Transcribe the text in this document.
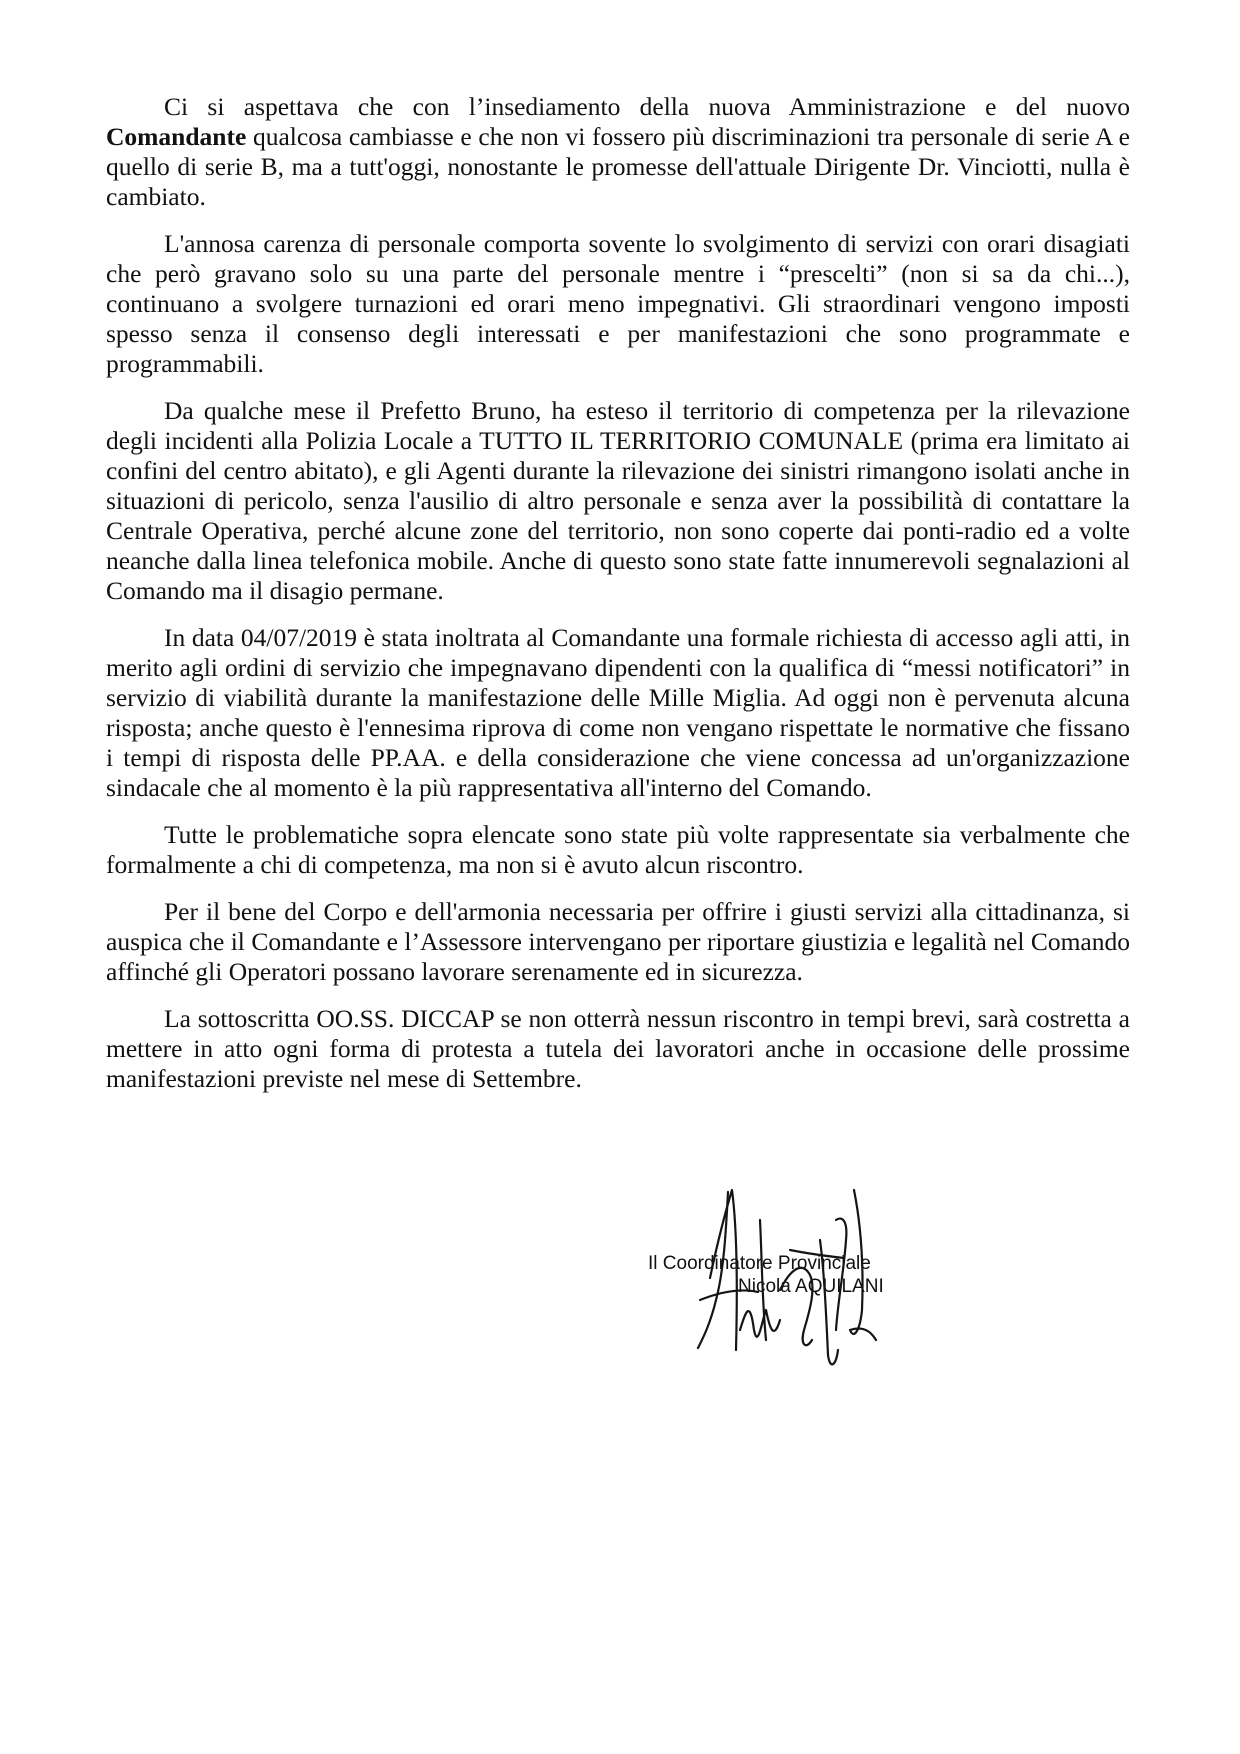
Ci si aspettava che con l’insediamento della nuova Amministrazione e del nuovo Comandante qualcosa cambiasse e che non vi fossero più discriminazioni tra personale di serie A e quello di serie B, ma a tutt'oggi, nonostante le promesse dell'attuale Dirigente Dr. Vinciotti, nulla è cambiato.

L'annosa carenza di personale comporta sovente lo svolgimento di servizi con orari disagiati che però gravano solo su una parte del personale mentre i “prescelti” (non si sa da chi...), continuano a svolgere turnazioni ed orari meno impegnativi. Gli straordinari vengono imposti spesso senza il consenso degli interessati e per manifestazioni che sono programmate e programmabili.

Da qualche mese il Prefetto Bruno, ha esteso il territorio di competenza per la rilevazione degli incidenti alla Polizia Locale a TUTTO IL TERRITORIO COMUNALE (prima era limitato ai confini del centro abitato), e gli Agenti durante la rilevazione dei sinistri rimangono isolati anche in situazioni di pericolo, senza l'ausilio di altro personale e senza aver la possibilità di contattare la Centrale Operativa, perché alcune zone del territorio, non sono coperte dai ponti-radio ed a volte neanche dalla linea telefonica mobile. Anche di questo sono state fatte innumerevoli segnalazioni al Comando ma il disagio permane.

In data 04/07/2019 è stata inoltrata al Comandante una formale richiesta di accesso agli atti, in merito agli ordini di servizio che impegnavano dipendenti con la qualifica di “messi notificatori” in servizio di viabilità durante la manifestazione delle Mille Miglia. Ad oggi non è pervenuta alcuna risposta; anche questo è l'ennesima riprova di come non vengano rispettate le normative che fissano i tempi di risposta delle PP.AA. e della considerazione che viene concessa ad un'organizzazione sindacale che al momento è la più rappresentativa all'interno del Comando.

Tutte le problematiche sopra elencate sono state più volte rappresentate sia verbalmente che formalmente a chi di competenza, ma non si è avuto alcun riscontro.

Per il bene del Corpo e dell'armonia necessaria per offrire i giusti servizi alla cittadinanza, si auspica che il Comandante e l’Assessore intervengano per riportare giustizia e legalità nel Comando affinché gli Operatori possano lavorare serenamente ed in sicurezza.

La sottoscritta OO.SS. DICCAP se non otterrà nessun riscontro in tempi brevi, sarà costretta a mettere in atto ogni forma di protesta a tutela dei lavoratori anche in occasione delle prossime manifestazioni previste nel mese di Settembre.

Il Coordinatore Provinciale
Nicola AQUILANI
